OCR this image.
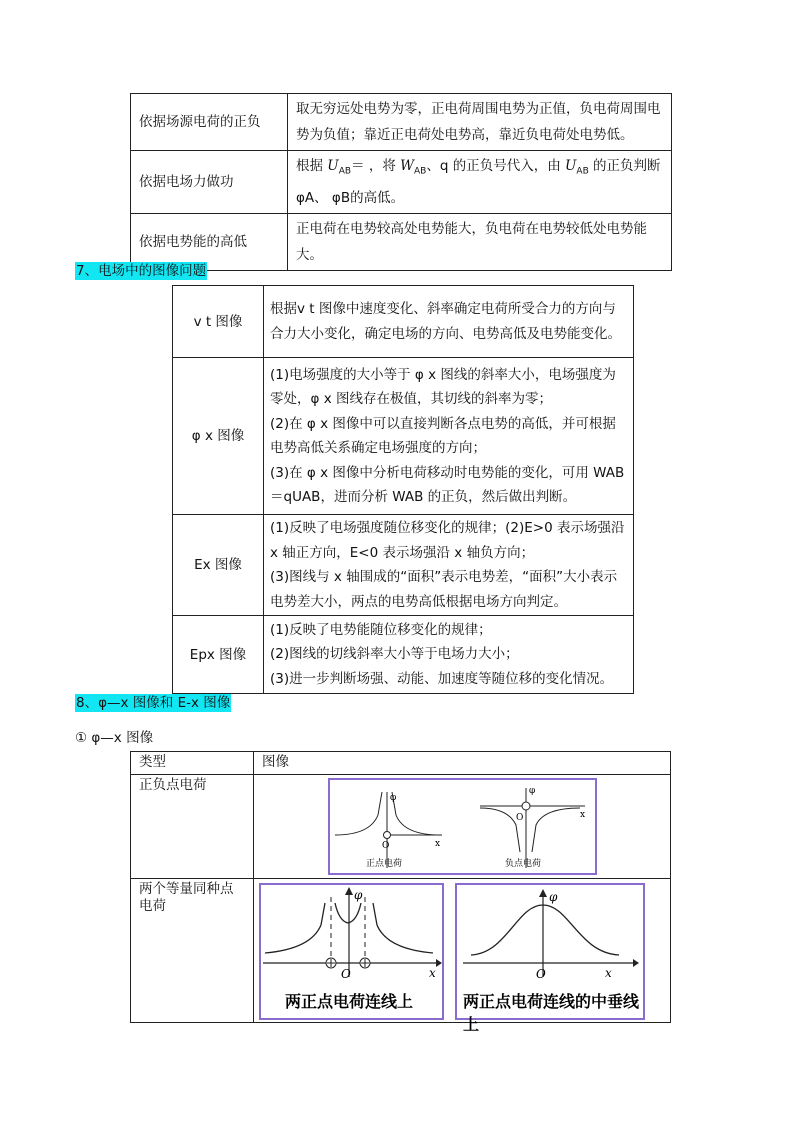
依据场源电荷的正负	取无穷远处电势为零，正电荷周围电势为正值，负电荷周围电势为负值；靠近正电荷处电势高，靠近负电荷处电势低。
依据电场力做功	根据 $U_{AB}=$ ，将 $W_{AB}$、q 的正负号代入，由 $U_{AB}$ 的正负判断
φA、 φB的高低。
依据电势能的高低	正电荷在电势较高处电势能大，负电荷在电势较低处电势能大。
7、电场中的图像问题
v t 图像	根据v t 图像中速度变化、斜率确定电荷所受合力的方向与合力大小变化，确定电场的方向、电势高低及电势能变化。

φ x 图像	(1)电场强度的大小等于 φ x 图线的斜率大小，电场强度为零处，φ x 图线存在极值，其切线的斜率为零；
(2)在 φ x 图像中可以直接判断各点电势的高低，并可根据电势高低关系确定电场强度的方向；
(3)在 φ x 图像中分析电荷移动时电势能的变化，可用 WAB＝qUAB，进而分析 WAB 的正负，然后做出判断。

Ex 图像	(1)反映了电场强度随位移变化的规律；(2)E>0 表示场强沿 x 轴正方向，E<0 表示场强沿 x 轴负方向；
(3)图线与 x 轴围成的“面积”表示电势差，“面积”大小表示电势差大小，两点的电势高低根据电场方向判定。

Epx 图像	(1)反映了电势能随位移变化的规律；
(2)图线的切线斜率大小等于电场力大小；
(3)进一步判断场强、动能、加速度等随位移的变化情况。
8、φ—x 图像和 E-x 图像
① φ—x 图像
类型	图像
正负点电荷	
两个等量同种点电荷	
φ
x
O
正点电荷
φ
x
O
负点电荷
φ
x
O
两正点电荷连线上
φ
x
O
两正点电荷连线的中垂线上
